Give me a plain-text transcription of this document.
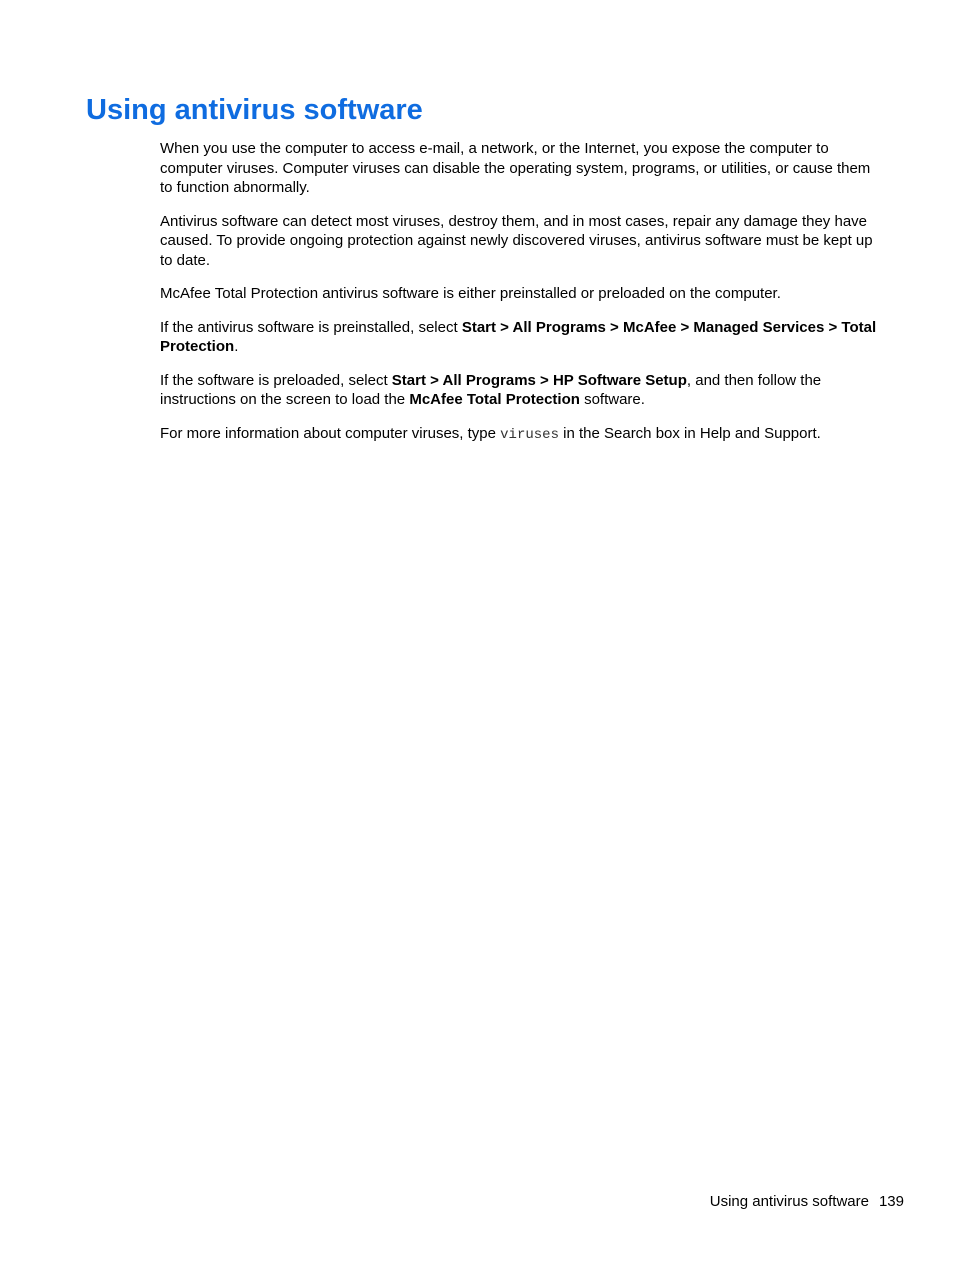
Using antivirus software

When you use the computer to access e-mail, a network, or the Internet, you expose the computer to computer viruses. Computer viruses can disable the operating system, programs, or utilities, or cause them to function abnormally.

Antivirus software can detect most viruses, destroy them, and in most cases, repair any damage they have caused. To provide ongoing protection against newly discovered viruses, antivirus software must be kept up to date.

McAfee Total Protection antivirus software is either preinstalled or preloaded on the computer.

If the antivirus software is preinstalled, select Start > All Programs > McAfee > Managed Services > Total Protection.

If the software is preloaded, select Start > All Programs > HP Software Setup, and then follow the instructions on the screen to load the McAfee Total Protection software.

For more information about computer viruses, type viruses in the Search box in Help and Support.

Using antivirus software 139
